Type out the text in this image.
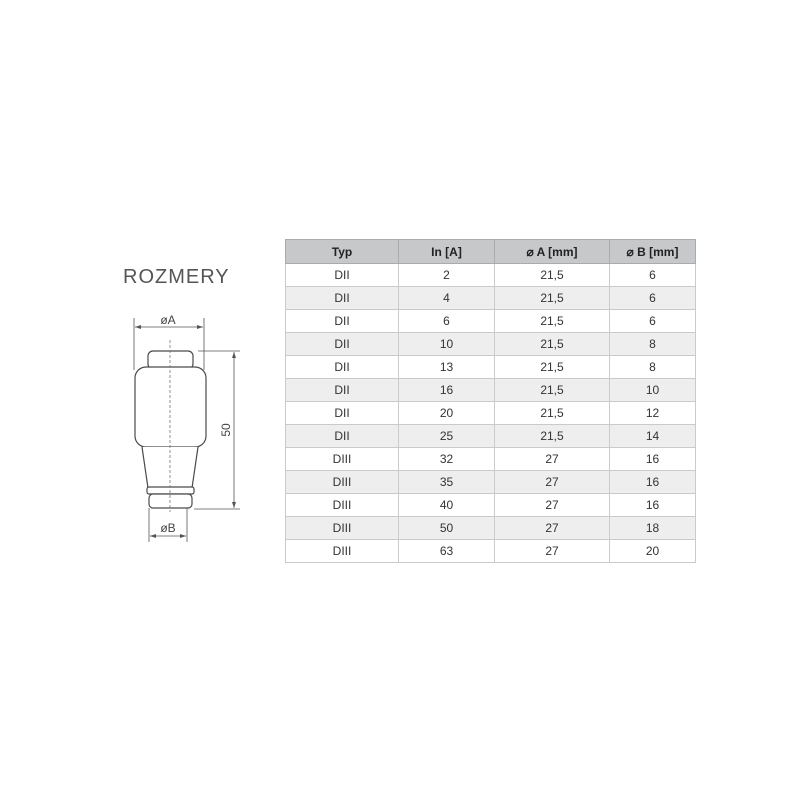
ROZMERY
øA
50
øB
Typ	In [A]	⌀ A [mm]	⌀ B [mm]
DII	2	21,5	6
DII	4	21,5	6
DII	6	21,5	6
DII	10	21,5	8
DII	13	21,5	8
DII	16	21,5	10
DII	20	21,5	12
DII	25	21,5	14
DIII	32	27	16
DIII	35	27	16
DIII	40	27	16
DIII	50	27	18
DIII	63	27	20
